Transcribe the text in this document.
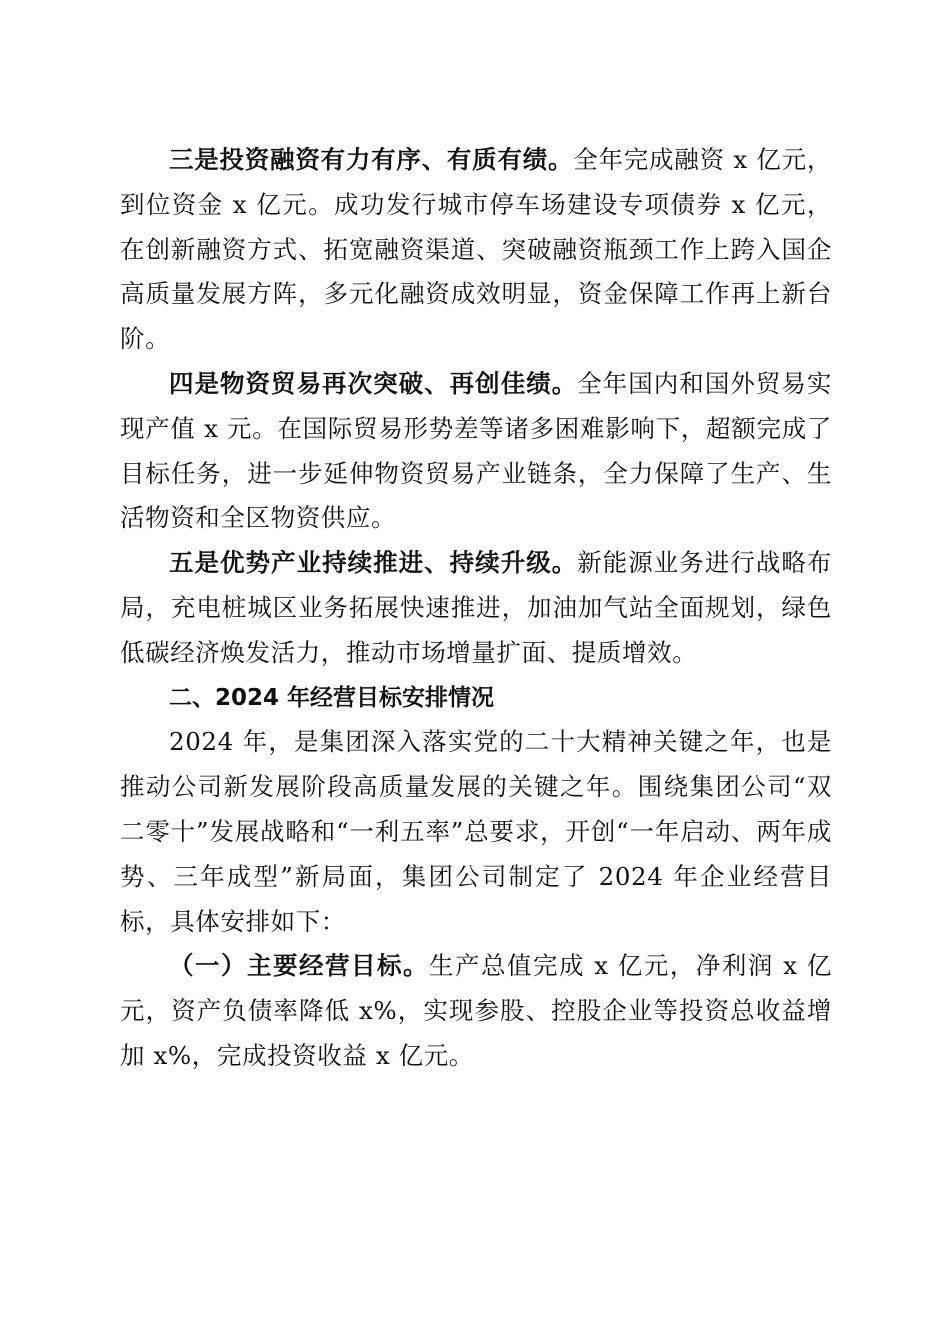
三是投资融资有力有序、有质有绩。全年完成融资 x 亿元，到位资金 x 亿元。成功发行城市停车场建设专项债券 x 亿元，在创新融资方式、拓宽融资渠道、突破融资瓶颈工作上跨入国企高质量发展方阵，多元化融资成效明显，资金保障工作再上新台阶。

四是物资贸易再次突破、再创佳绩。全年国内和国外贸易实现产值 x 元。在国际贸易形势差等诸多困难影响下，超额完成了目标任务，进一步延伸物资贸易产业链条，全力保障了生产、生活物资和全区物资供应。

五是优势产业持续推进、持续升级。新能源业务进行战略布局，充电桩城区业务拓展快速推进，加油加气站全面规划，绿色低碳经济焕发活力，推动市场增量扩面、提质增效。

二、2024 年经营目标安排情况

2024 年，是集团深入落实党的二十大精神关键之年，也是推动公司新发展阶段高质量发展的关键之年。围绕集团公司“双二零十”发展战略和“一利五率”总要求，开创“一年启动、两年成势、三年成型”新局面，集团公司制定了 2024 年企业经营目标，具体安排如下：

（一）主要经营目标。生产总值完成 x 亿元，净利润 x 亿元，资产负债率降低 x%，实现参股、控股企业等投资总收益增加 x%，完成投资收益 x 亿元。
